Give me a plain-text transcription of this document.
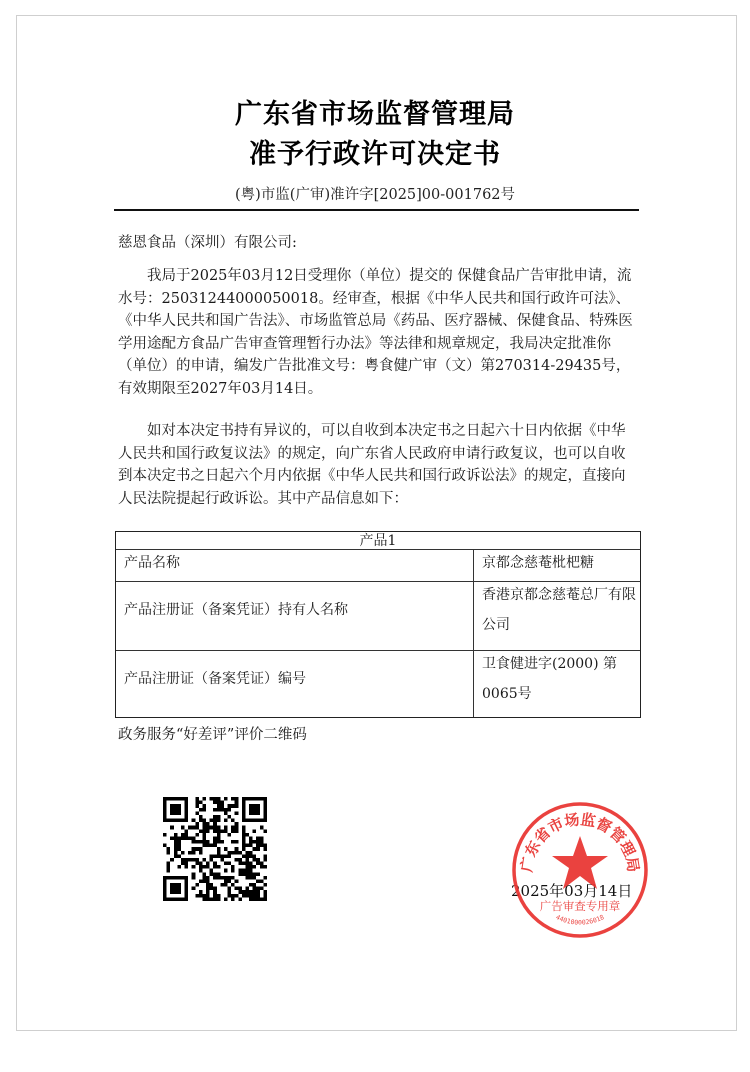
广东省市场监督管理局
准予行政许可决定书
(粤)市监(广审)准许字[2025]00-001762号
慈恩食品（深圳）有限公司:
我局于2025年03月12日受理你（单位）提交的 保健食品广告审批申请，流水号：25031244000050018。经审查，根据《中华人民共和国行政许可法》、《中华人民共和国广告法》、市场监管总局《药品、医疗器械、保健食品、特殊医学用途配方食品广告审查管理暂行办法》等法律和规章规定，我局决定批准你（单位）的申请，编发广告批准文号：粤食健广审（文）第270314-29435号，有效期限至2027年03月14日。
如对本决定书持有异议的，可以自收到本决定书之日起六十日内依据《中华人民共和国行政复议法》的规定，向广东省人民政府申请行政复议，也可以自收到本决定书之日起六个月内依据《中华人民共和国行政诉讼法》的规定，直接向人民法院提起行政诉讼。其中产品信息如下：
产品1
产品名称	京都念慈菴枇杷糖
产品注册证（备案凭证）持有人名称
香港京都念慈菴总厂有限公司
产品注册证（备案凭证）编号
卫食健进字(2000) 第0065号
政务服务“好差评”评价二维码
2025年03月14日
广东省市场监督管理局
广告审查专用章
4401000026018
